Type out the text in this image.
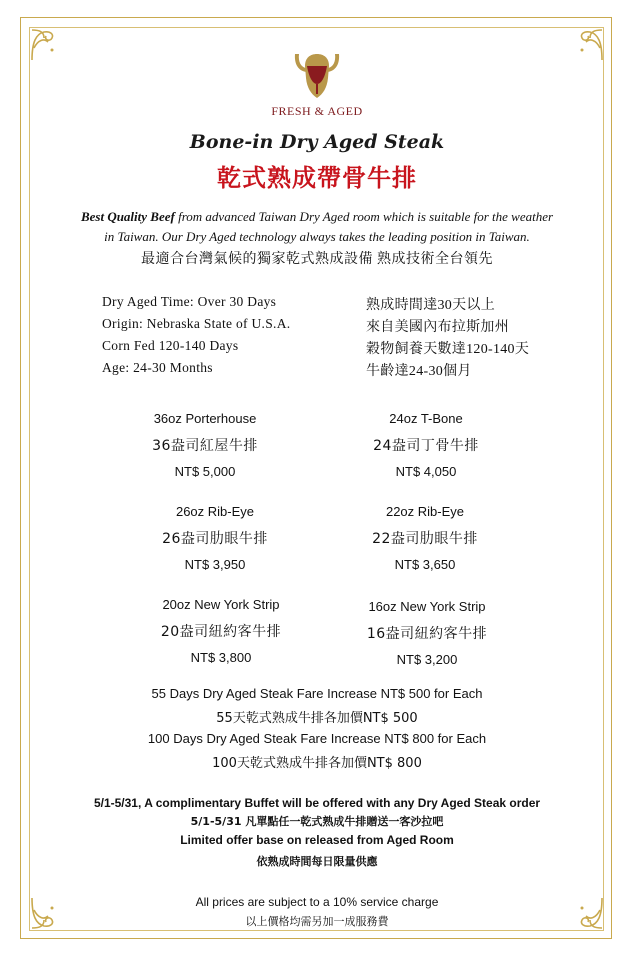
FRESH & AGED
Bone-in Dry Aged Steak
乾式熟成帶骨牛排
Best Quality Beef from advanced Taiwan Dry Aged room which is suitable for the weather
in Taiwan. Our Dry Aged technology always takes the leading position in Taiwan.
最適合台灣氣候的獨家乾式熟成設備 熟成技術全台領先
Dry Aged Time: Over 30 Days	熟成時間達30天以上
Origin: Nebraska State of U.S.A.	來自美國內布拉斯加州
Corn Fed 120-140 Days	穀物飼養天數達120-140天
Age: 24-30 Months	牛齡達24-30個月
36oz Porterhouse
36盎司紅屋牛排
NT$ 5,000
24oz T-Bone
24盎司丁骨牛排
NT$ 4,050
26oz Rib-Eye
26盎司肋眼牛排
NT$ 3,950
22oz Rib-Eye
22盎司肋眼牛排
NT$ 3,650
20oz New York Strip
20盎司紐約客牛排
NT$ 3,800
16oz New York Strip
16盎司紐約客牛排
NT$ 3,200
55 Days Dry Aged Steak Fare Increase NT$ 500 for Each
55天乾式熟成牛排各加價NT$ 500
100 Days Dry Aged Steak Fare Increase NT$ 800 for Each
100天乾式熟成牛排各加價NT$ 800
5/1-5/31, A complimentary Buffet will be offered with any Dry Aged Steak order
5/1-5/31 凡單點任一乾式熟成牛排贈送一客沙拉吧
Limited offer base on released from Aged Room
依熟成時間每日限量供應
All prices are subject to a 10% service charge
以上價格均需另加一成服務費
